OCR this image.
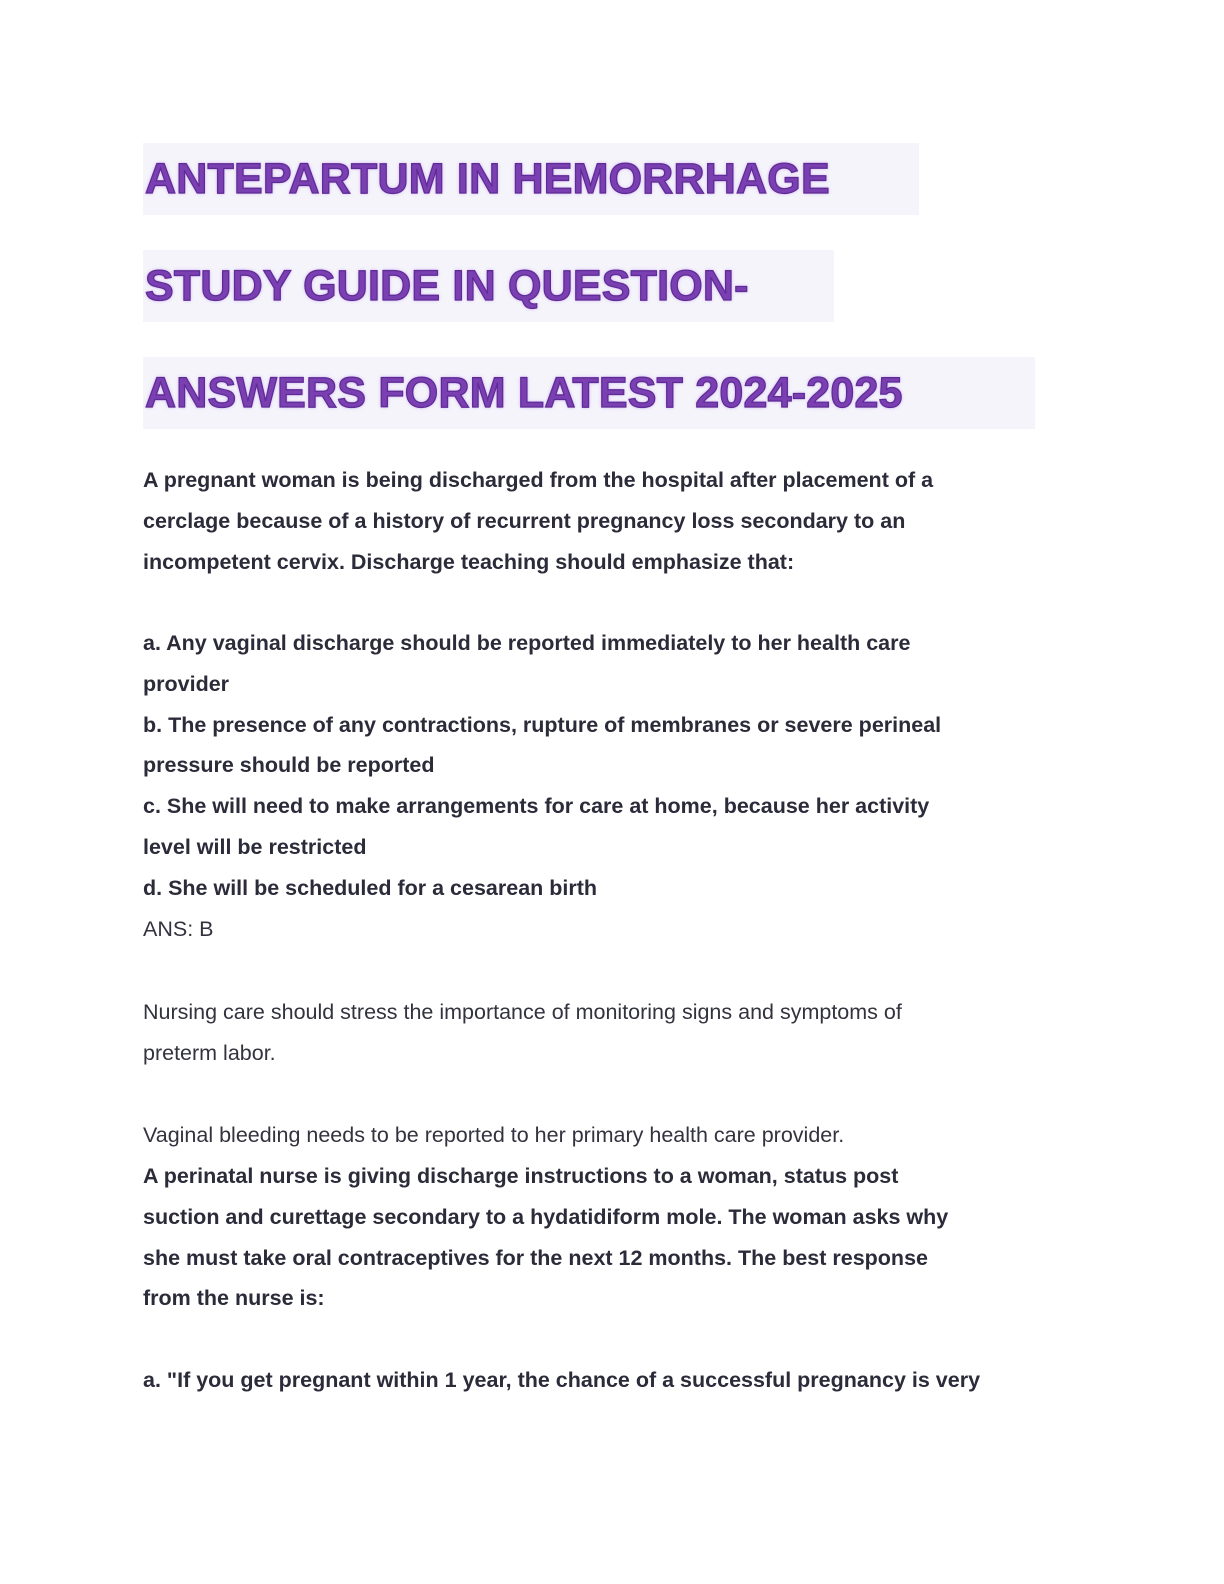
ANTEPARTUM IN HEMORRHAGE
STUDY GUIDE IN QUESTION-
ANSWERS FORM LATEST 2024-2025
A pregnant woman is being discharged from the hospital after placement of a
cerclage because of a history of recurrent pregnancy loss secondary to an
incompetent cervix. Discharge teaching should emphasize that:
a. Any vaginal discharge should be reported immediately to her health care
provider
b. The presence of any contractions, rupture of membranes or severe perineal
pressure should be reported
c. She will need to make arrangements for care at home, because her activity
level will be restricted
d. She will be scheduled for a cesarean birth
ANS: B
Nursing care should stress the importance of monitoring signs and symptoms of
preterm labor.
Vaginal bleeding needs to be reported to her primary health care provider.
A perinatal nurse is giving discharge instructions to a woman, status post
suction and curettage secondary to a hydatidiform mole. The woman asks why
she must take oral contraceptives for the next 12 months. The best response
from the nurse is:
a. "If you get pregnant within 1 year, the chance of a successful pregnancy is very
